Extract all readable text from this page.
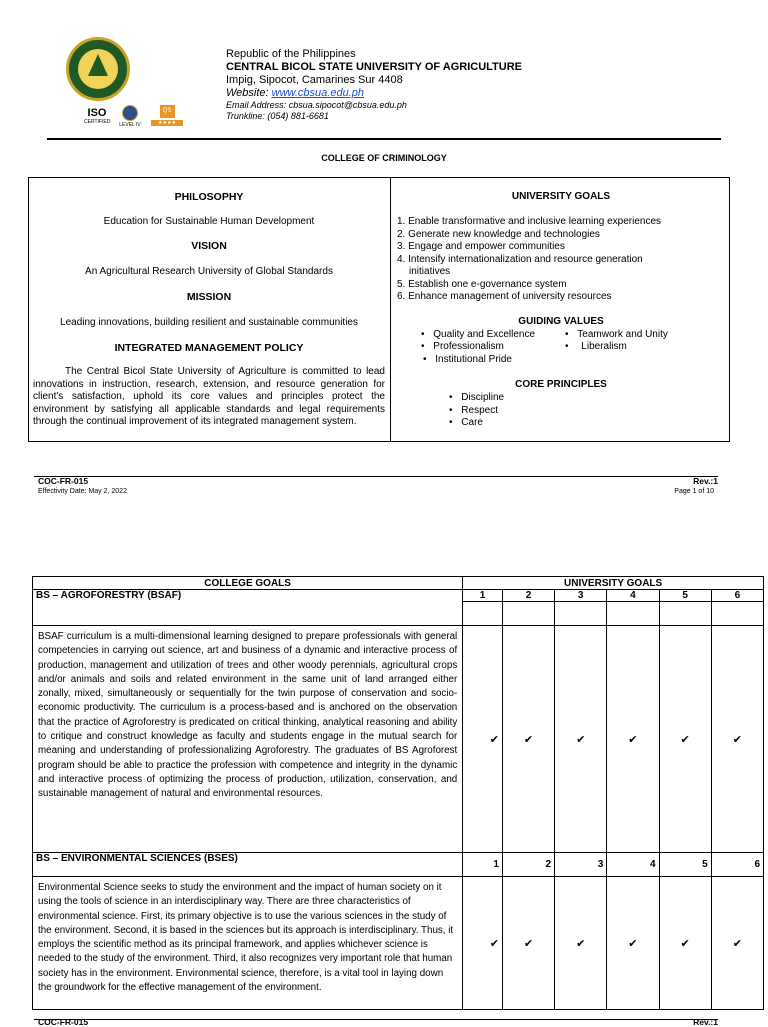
ISO
CERTIFIED	LEVEL IV
QS
★★★★
Republic of the Philippines
CENTRAL BICOL STATE UNIVERSITY OF AGRICULTURE
Impig, Sipocot, Camarines Sur 4408
Website: www.cbsua.edu.ph
Email Address: cbsua.sipocot@cbsua.edu.ph
Trunkline: (054) 881-6681
COLLEGE OF CRIMINOLOGY
PHILOSOPHY
Education for Sustainable Human Development
VISION
An Agricultural Research University of Global Standards
MISSION
Leading innovations, building resilient and sustainable communities
INTEGRATED MANAGEMENT POLICY
The Central Bicol State University of Agriculture is committed to lead innovations in instruction, research, extension, and resource generation for client's satisfaction, uphold its core values and principles protect the environment by satisfying all applicable standards and legal requirements through the continual improvement of its integrated management system.
UNIVERSITY GOALS
1. Enable transformative and inclusive learning experiences
2. Generate new knowledge and technologies
3. Engage and empower communities
4. Intensify internationalization and resource generation
initiatives
5. Establish one e-governance system
6. Enhance management of university resources
GUIDING VALUES
• Quality and Excellence	• Teamwork and Unity
• Professionalism	• Liberalism
• Institutional Pride
CORE PRINCIPLES
• Discipline
• Respect
• Care
COC-FR-015
Effectivity Date: May 2, 2022
Rev.:1
Page 1 of 10
COLLEGE GOALS	UNIVERSITY GOALS					
BS – AGROFORESTRY (BSAF)	1	2	3	4	5	6

BSAF curriculum is a multi-dimensional learning designed to prepare professionals with general competencies in carrying out science, art and business of a dynamic and interactive process of production, management and utilization of trees and other woody perennials, agricultural crops and/or animals and soils and related environment in the same unit of land arranged either zonally, mixed, simultaneously or sequentially for the twin purpose of conservation and socio-economic productivity. The curriculum is a process-based and is anchored on the observation that the practice of Agroforestry is predicated on critical thinking, analytical reasoning and ability to critique and construct knowledge as faculty and students engage in the mutual search for meaning and understanding of professionalizing Agroforestry. The graduates of BS Agroforest program should be able to practice the profession with competence and integrity in the dynamic and interactive process of optimizing the process of production, utilization, conservation, and sustainable management of natural and environmental resources.	✔	✔	✔	✔	✔	✔
BS – ENVIRONMENTAL SCIENCES (BSES)	1	2	3	4	5	6
Environmental Science seeks to study the environment and the impact of human society on it using the tools of science in an interdisciplinary way. There are three characteristics of environmental science. First, its primary objective is to use the various sciences in the study of the environment. Second, it is based in the sciences but its approach is interdisciplinary. Thus, it employs the scientific method as its principal framework, and applies whichever science is needed to the study of the environment. Third, it also recognizes very important role that human society has in the environment. Environmental science, therefore, is a vital tool in laying down the groundwork for the effective management of the environment.	✔	✔	✔	✔	✔	✔
COC-FR-015	Rev.:1
